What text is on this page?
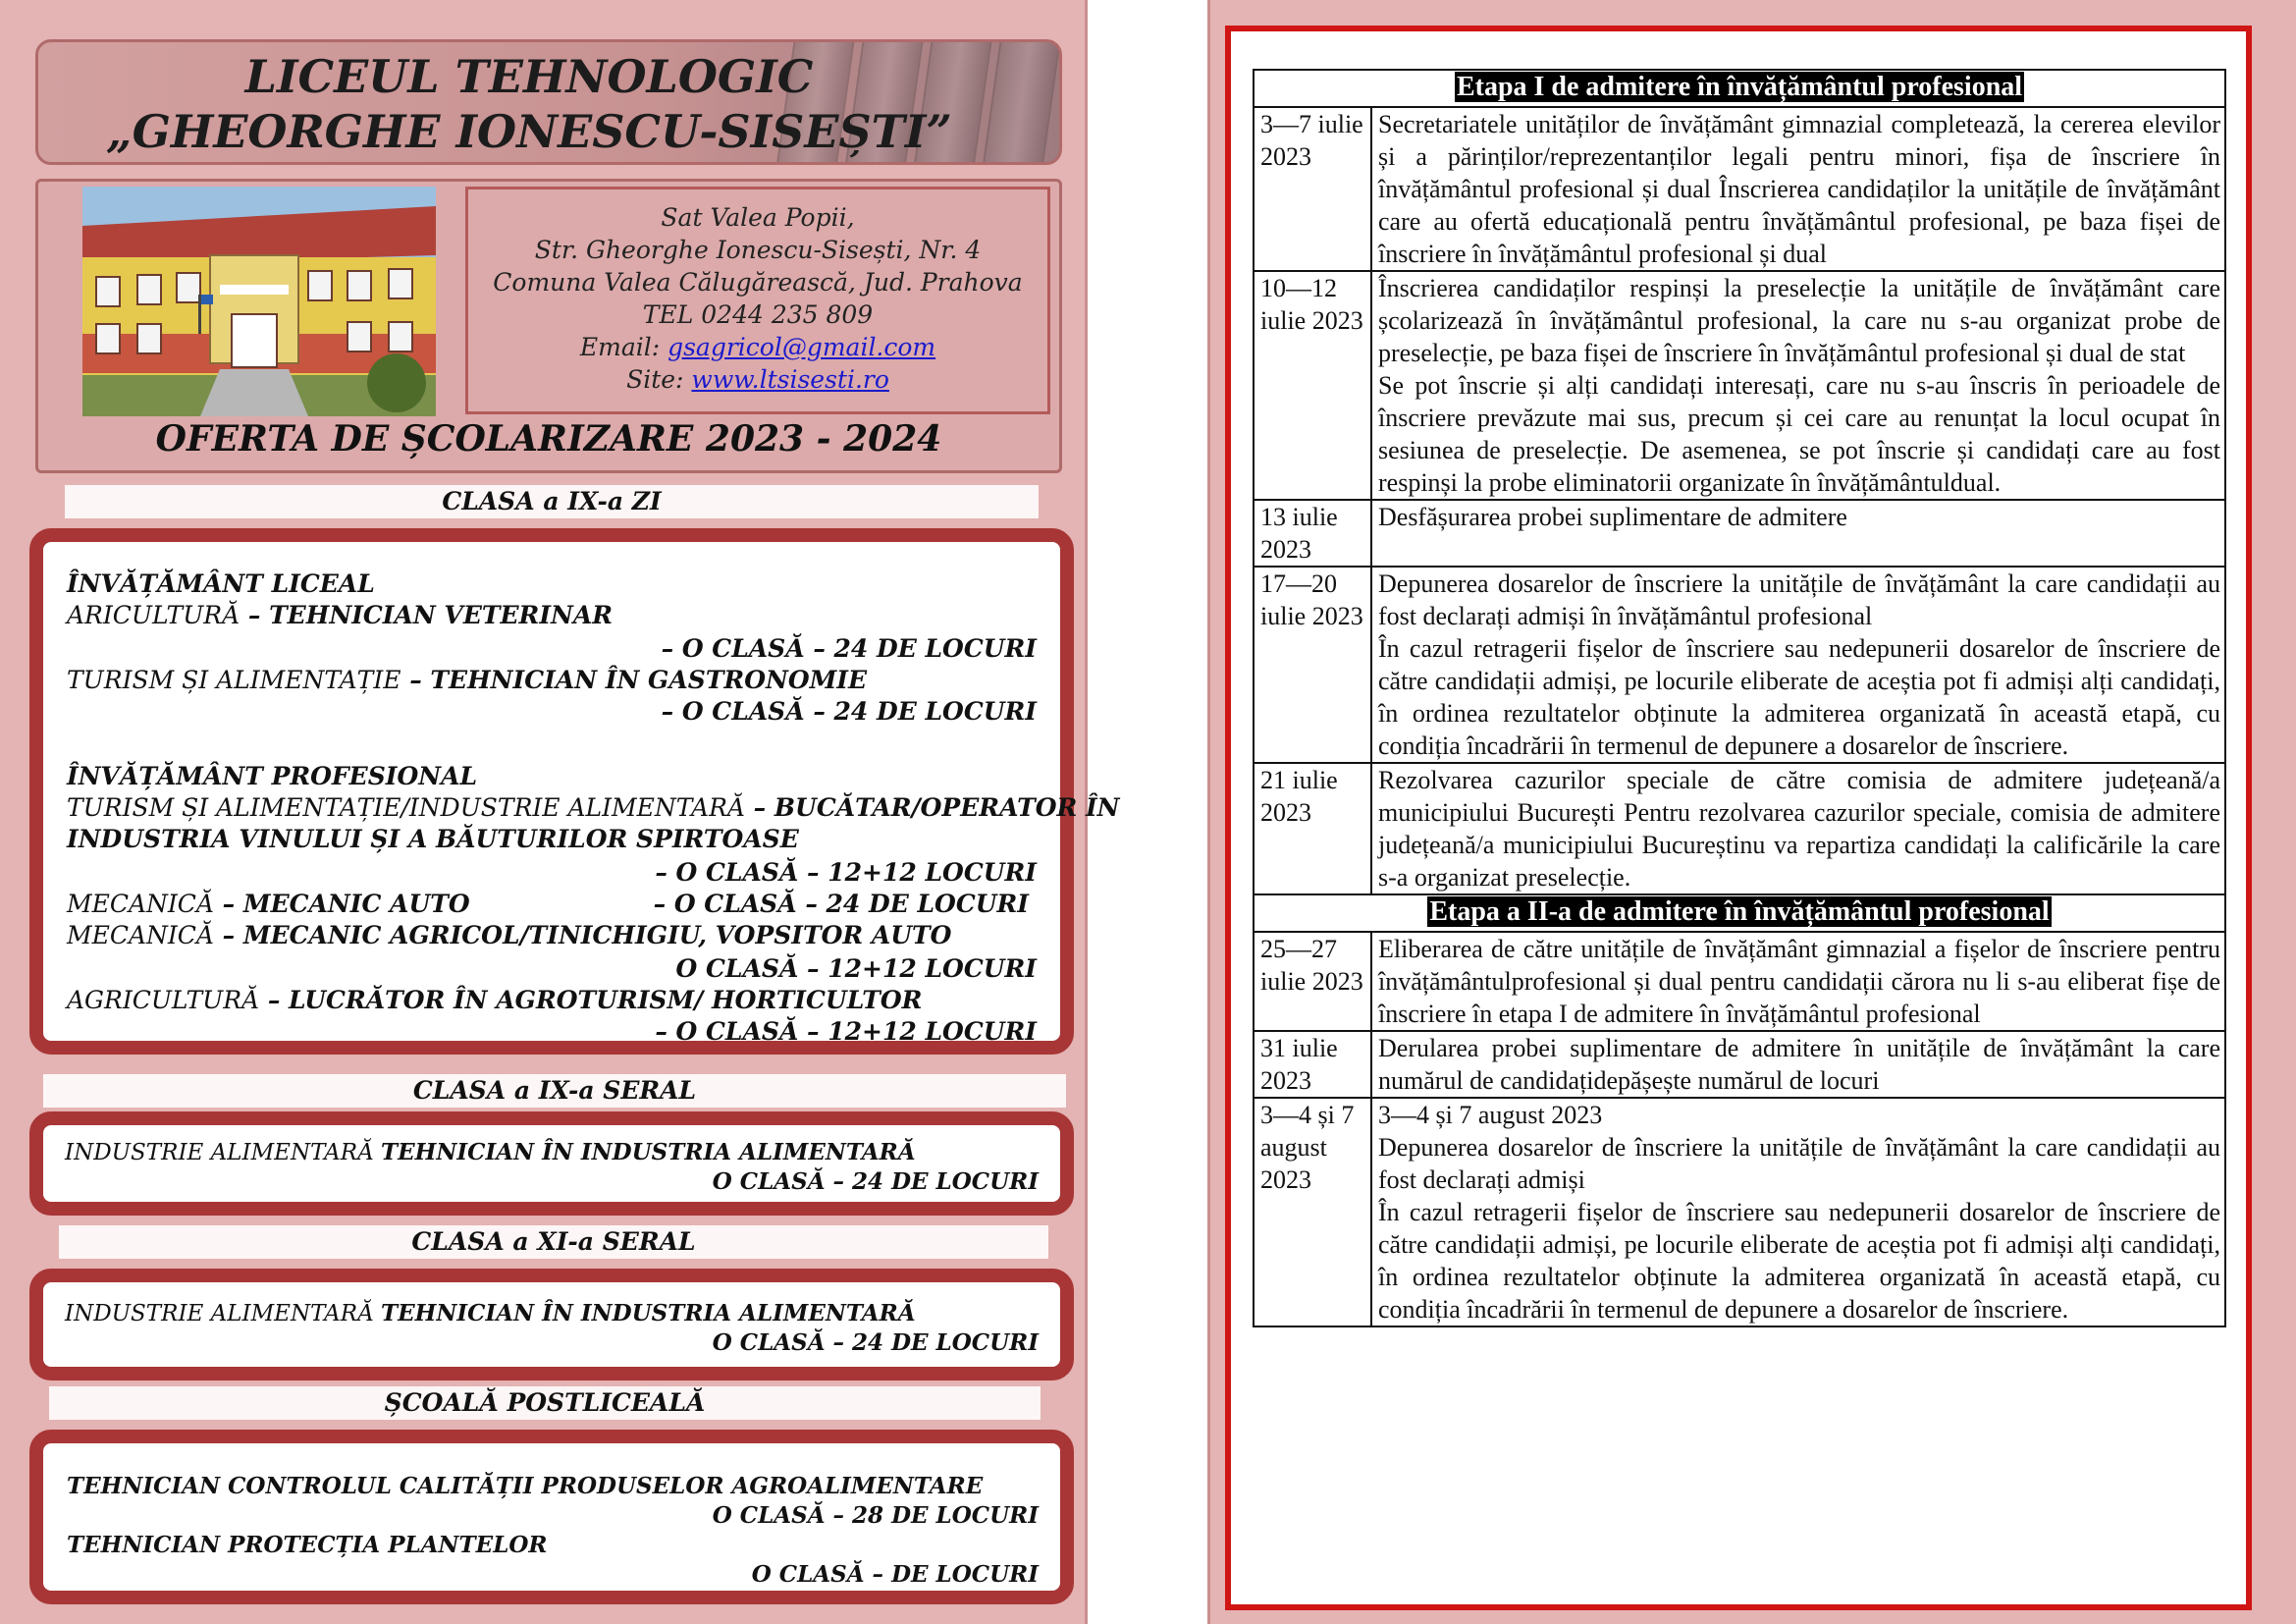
LICEUL TEHNOLOGIC
„GHEORGHE IONESCU-SISEȘTI”
Sat Valea Popii,
Str. Gheorghe Ionescu-Sisești, Nr. 4
Comuna Valea Călugărească, Jud. Prahova
TEL 0244 235 809
Email: gsagricol@gmail.com
Site: www.ltsisesti.ro
OFERTA DE ȘCOLARIZARE 2023 - 2024
CLASA a IX-a ZI
ÎNVĂȚĂMÂNT LICEAL
ARICULTURĂ – TEHNICIAN VETERINAR
– O CLASĂ – 24 DE LOCURI
TURISM ȘI ALIMENTAȚIE – TEHNICIAN ÎN GASTRONOMIE
– O CLASĂ – 24 DE LOCURI
ÎNVĂȚĂMÂNT PROFESIONAL
TURISM ȘI ALIMENTAȚIE/INDUSTRIE ALIMENTARĂ – BUCĂTAR/OPERATOR ÎN
INDUSTRIA VINULUI ȘI A BĂUTURILOR SPIRTOASE
– O CLASĂ – 12+12 LOCURI
MECANICĂ – MECANIC AUTO	– O CLASĂ – 24 DE LOCURI
MECANICĂ – MECANIC AGRICOL/TINICHIGIU, VOPSITOR AUTO
O CLASĂ – 12+12 LOCURI
AGRICULTURĂ – LUCRĂTOR ÎN AGROTURISM/ HORTICULTOR
– O CLASĂ – 12+12 LOCURI
CLASA a IX-a SERAL
INDUSTRIE ALIMENTARĂ TEHNICIAN ÎN INDUSTRIA ALIMENTARĂ
O CLASĂ – 24 DE LOCURI
CLASA a XI-a SERAL
INDUSTRIE ALIMENTARĂ TEHNICIAN ÎN INDUSTRIA ALIMENTARĂ
O CLASĂ – 24 DE LOCURI
ȘCOALĂ POSTLICEALĂ
TEHNICIAN CONTROLUL CALITĂȚII PRODUSELOR AGROALIMENTARE
O CLASĂ – 28 DE LOCURI
TEHNICIAN PROTECȚIA PLANTELOR
O CLASĂ – DE LOCURI
Etapa I de admitere în învățământul profesional	
3—7 iulie 2023	Secretariatele unităților de învățământ gimnazial completează, la cererea elevilor și a părinților/reprezentanților legali pentru minori, fișa de înscriere în învățământul profesional și dual Înscrierea candidaților la unitățile de învățământ care au ofertă educațională pentru învățământul profesional, pe baza fișei de înscriere în învățământul profesional și dual

10—12 iulie 2023	Înscrierea candidaților respinși la preselecție la unitățile de învățământ care școlarizează în învățământul profesional, la care nu s-au organizat probe de preselecție, pe baza fișei de înscriere în învățământul profesional și dual de stat
Se pot înscrie și alți candidați interesați, care nu s-au înscris în perioadele de înscriere prevăzute mai sus, precum și cei care au renunțat la locul ocupat în sesiunea de preselecție. De asemenea, se pot înscrie și candidați care au fost respinși la probe eliminatorii organizate în învățământuldual.

13 iulie 2023	Desfășurarea probei suplimentare de admitere

17—20 iulie 2023	Depunerea dosarelor de înscriere la unitățile de învățământ la care candidații au fost declarați admiși în învățământul profesional
În cazul retragerii fișelor de înscriere sau nedepunerii dosarelor de înscriere de către candidații admiși, pe locurile eliberate de aceștia pot fi admiși alți candidați, în ordinea rezultatelor obținute la admiterea organizată în această etapă, cu condiția încadrării în termenul de depunere a dosarelor de înscriere.

21 iulie 2023	Rezolvarea cazurilor speciale de către comisia de admitere județeană/a municipiului București Pentru rezolvarea cazurilor speciale, comisia de admitere județeană/a municipiului Bucureștinu va repartiza candidați la calificările la care s-a organizat preselecție.

Etapa a II-a de admitere în învățământul profesional	
25—27 iulie 2023	Eliberarea de către unitățile de învățământ gimnazial a fișelor de înscriere pentru învățământulprofesional și dual pentru candidații cărora nu li s-au eliberat fișe de înscriere în etapa I de admitere în învățământul profesional

31 iulie 2023	Derularea probei suplimentare de admitere în unitățile de învățământ la care numărul de candidațidepășește numărul de locuri

3—4 și 7 august 2023	3—4 și 7 august 2023
Depunerea dosarelor de înscriere la unitățile de învățământ la care candidații au fost declarați admiși
În cazul retragerii fișelor de înscriere sau nedepunerii dosarelor de înscriere de către candidații admiși, pe locurile eliberate de aceștia pot fi admiși alți candidați, în ordinea rezultatelor obținute la admiterea organizată în această etapă, cu condiția încadrării în termenul de depunere a dosarelor de înscriere.
